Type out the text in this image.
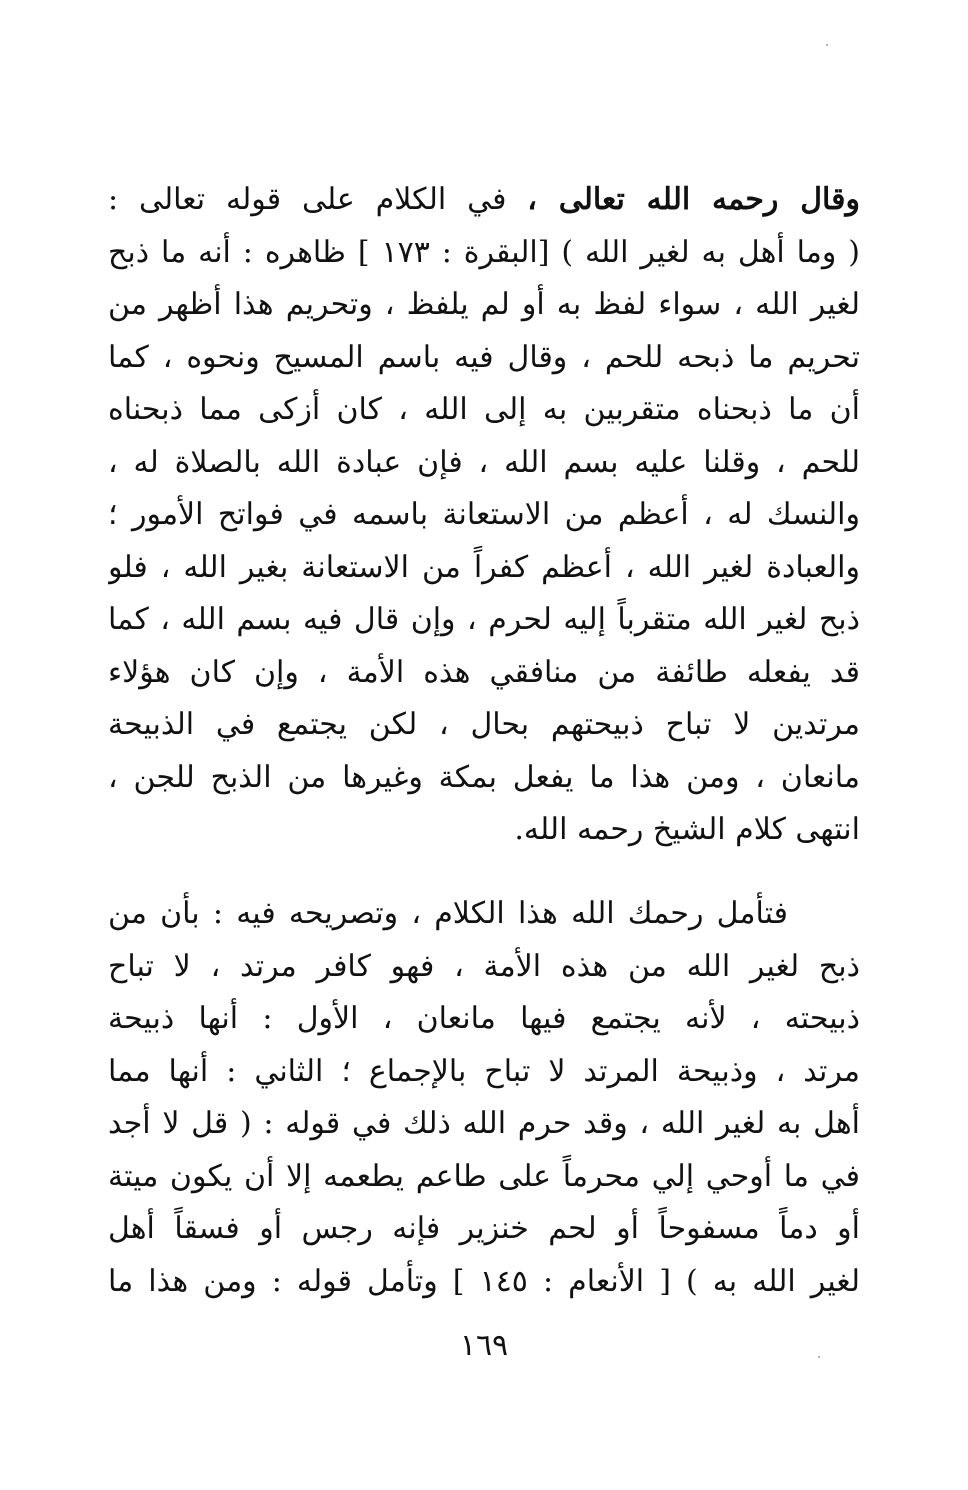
وقال رحمه الله تعالى ، في الكلام على قوله تعالى :
( وما أهل به لغير الله ) [البقرة : ١٧٣ ] ظاهره : أنه ما ذبح
لغير الله ، سواء لفظ به أو لم يلفظ ، وتحريم هذا أظهر من
تحريم ما ذبحه للحم ، وقال فيه باسم المسيح ونحوه ، كما
أن ما ذبحناه متقربين به إلى الله ، كان أزكى مما ذبحناه
للحم ، وقلنا عليه بسم الله ، فإن عبادة الله بالصلاة له ،
والنسك له ، أعظم من الاستعانة باسمه في فواتح الأمور ؛
والعبادة لغير الله ، أعظم كفراً من الاستعانة بغير الله ، فلو
ذبح لغير الله متقرباً إليه لحرم ، وإن قال فيه بسم الله ، كما
قد يفعله طائفة من منافقي هذه الأمة ، وإن كان هؤلاء
مرتدين لا تباح ذبيحتهم بحال ، لكن يجتمع في الذبيحة
مانعان ، ومن هذا ما يفعل بمكة وغيرها من الذبح للجن ،
انتهى كلام الشيخ رحمه الله.
فتأمل رحمك الله هذا الكلام ، وتصريحه فيه : بأن من
ذبح لغير الله من هذه الأمة ، فهو كافر مرتد ، لا تباح
ذبيحته ، لأنه يجتمع فيها مانعان ، الأول : أنها ذبيحة
مرتد ، وذبيحة المرتد لا تباح بالإجماع ؛ الثاني : أنها مما
أهل به لغير الله ، وقد حرم الله ذلك في قوله : ( قل لا أجد
في ما أوحي إلي محرماً على طاعم يطعمه إلا أن يكون ميتة
أو دماً مسفوحاً أو لحم خنزير فإنه رجس أو فسقاً أهل
لغير الله به ) [ الأنعام : ١٤٥ ] وتأمل قوله : ومن هذا ما
١٦٩
